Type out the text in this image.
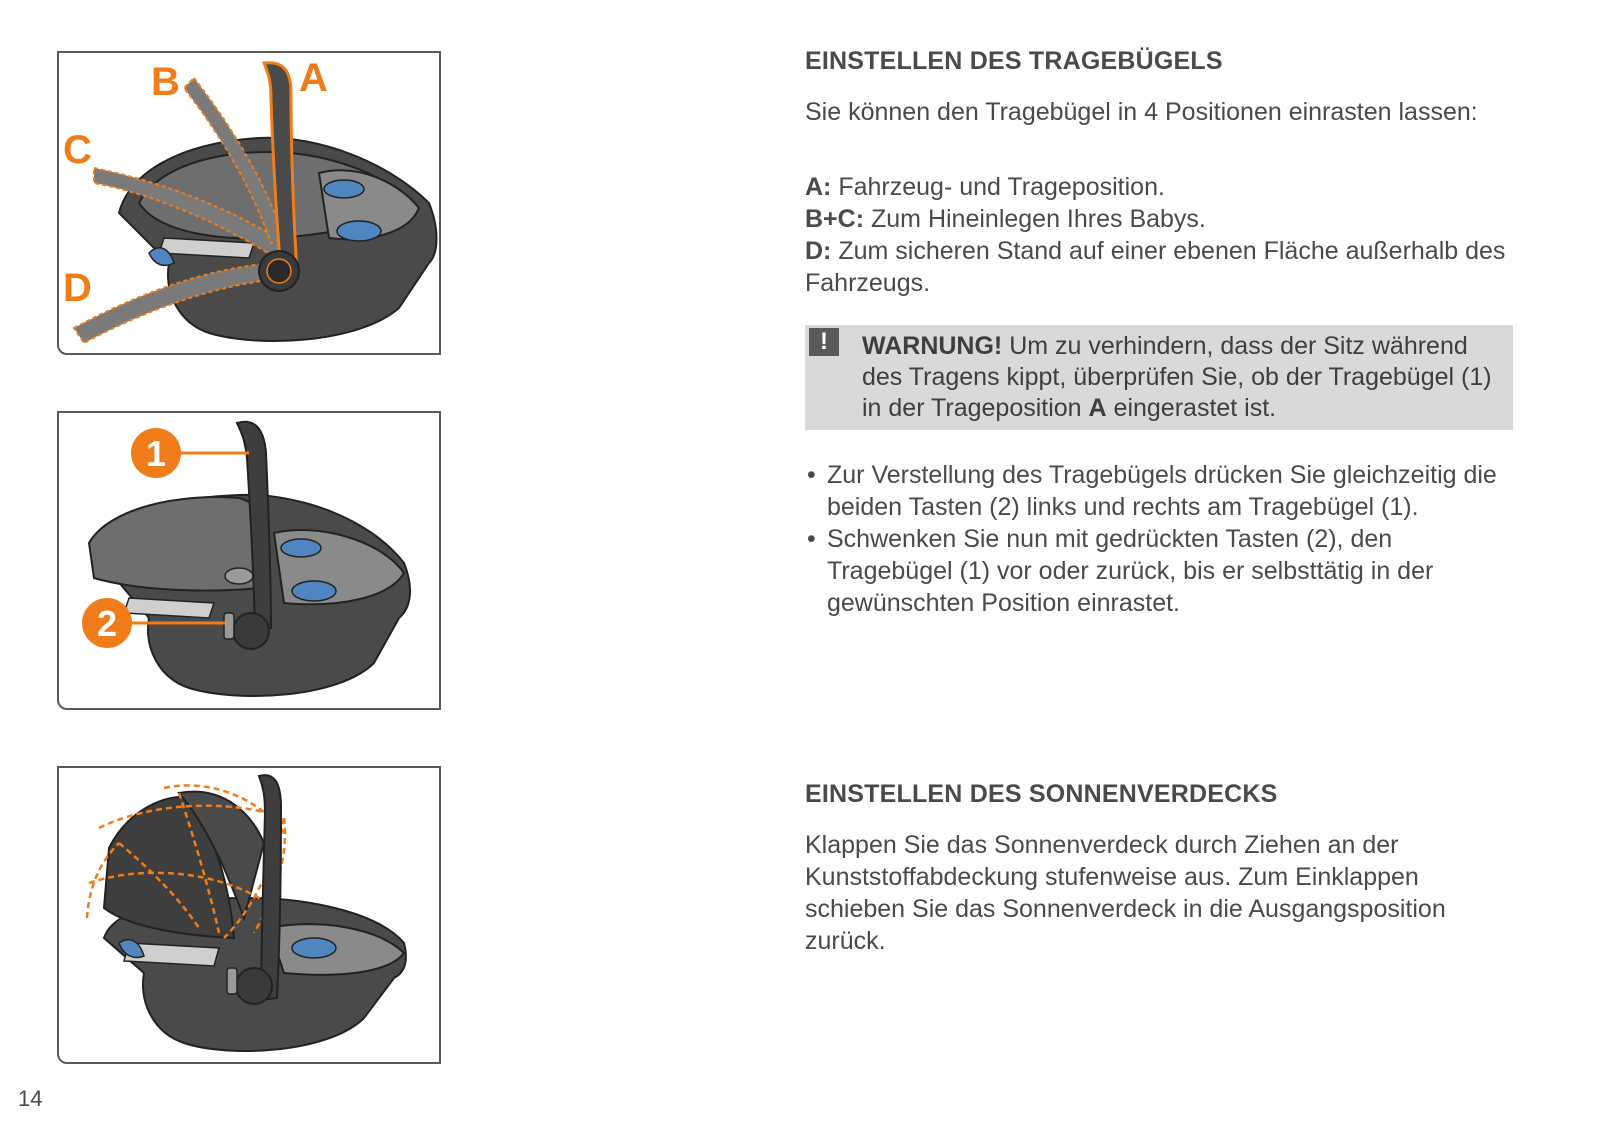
A
B
C
D
1
2
EINSTELLEN DES TRAGEBÜGELS

Sie können den Tragebügel in 4 Positionen einrasten lassen:

A: Fahrzeug- und Trageposition.
B+C: Zum Hineinlegen Ihres Babys.
D: Zum sicheren Stand auf einer ebenen Fläche außerhalb des Fahrzeugs.

!	WARNUNG! Um zu verhindern, dass der Sitz während des Tragens kippt, überprüfen Sie, ob der Tragebügel (1) in der Trageposition A eingerastet ist.
• Zur Verstellung des Tragebügels drücken Sie gleichzeitig die beiden Tasten (2) links und rechts am Tragebügel (1).
• Schwenken Sie nun mit gedrückten Tasten (2), den Tragebügel (1) vor oder zurück, bis er selbsttätig in der gewünschten Position einrastet.
EINSTELLEN DES SONNENVERDECKS

Klappen Sie das Sonnenverdeck durch Ziehen an der Kunststoffabdeckung stufenweise aus. Zum Einklappen schieben Sie das Sonnenverdeck in die Ausgangsposition zurück.

14
